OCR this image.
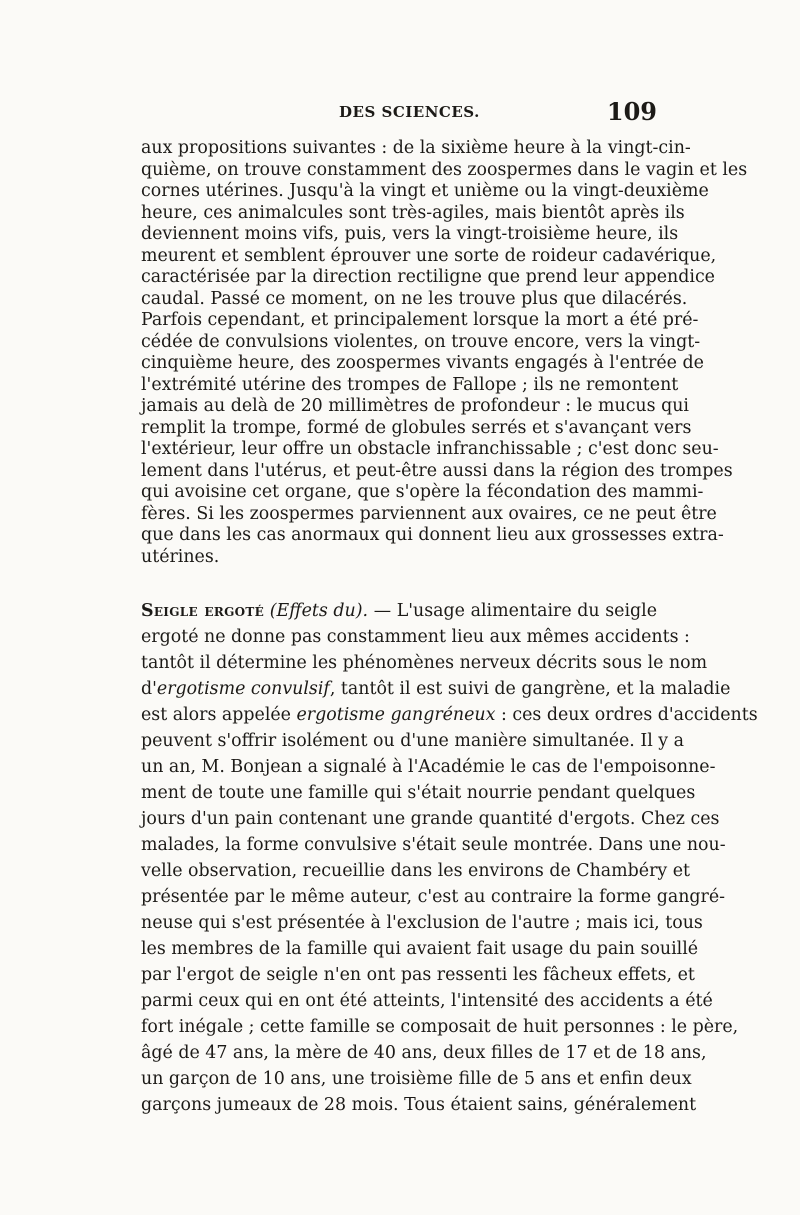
DES SCIENCES.	109
aux propositions suivantes : de la sixième heure à la vingt-cin-
quième, on trouve constamment des zoospermes dans le vagin et les
cornes utérines. Jusqu'à la vingt et unième ou la vingt-deuxième
heure, ces animalcules sont très-agiles, mais bientôt après ils
deviennent moins vifs, puis, vers la vingt-troisième heure, ils
meurent et semblent éprouver une sorte de roideur cadavérique,
caractérisée par la direction rectiligne que prend leur appendice
caudal. Passé ce moment, on ne les trouve plus que dilacérés.
Parfois cependant, et principalement lorsque la mort a été pré-
cédée de convulsions violentes, on trouve encore, vers la vingt-
cinquième heure, des zoospermes vivants engagés à l'entrée de
l'extrémité utérine des trompes de Fallope ; ils ne remontent
jamais au delà de 20 millimètres de profondeur : le mucus qui
remplit la trompe, formé de globules serrés et s'avançant vers
l'extérieur, leur offre un obstacle infranchissable ; c'est donc seu-
lement dans l'utérus, et peut-être aussi dans la région des trompes
qui avoisine cet organe, que s'opère la fécondation des mammi-
fères. Si les zoospermes parviennent aux ovaires, ce ne peut être
que dans les cas anormaux qui donnent lieu aux grossesses extra-
utérines.
Seigle ergoté (Effets du). — L'usage alimentaire du seigle
ergoté ne donne pas constamment lieu aux mêmes accidents :
tantôt il détermine les phénomènes nerveux décrits sous le nom
d'ergotisme convulsif, tantôt il est suivi de gangrène, et la maladie
est alors appelée ergotisme gangréneux : ces deux ordres d'accidents
peuvent s'offrir isolément ou d'une manière simultanée. Il y a
un an, M. Bonjean a signalé à l'Académie le cas de l'empoisonne-
ment de toute une famille qui s'était nourrie pendant quelques
jours d'un pain contenant une grande quantité d'ergots. Chez ces
malades, la forme convulsive s'était seule montrée. Dans une nou-
velle observation, recueillie dans les environs de Chambéry et
présentée par le même auteur, c'est au contraire la forme gangré-
neuse qui s'est présentée à l'exclusion de l'autre ; mais ici, tous
les membres de la famille qui avaient fait usage du pain souillé
par l'ergot de seigle n'en ont pas ressenti les fâcheux effets, et
parmi ceux qui en ont été atteints, l'intensité des accidents a été
fort inégale ; cette famille se composait de huit personnes : le père,
âgé de 47 ans, la mère de 40 ans, deux filles de 17 et de 18 ans,
un garçon de 10 ans, une troisième fille de 5 ans et enfin deux
garçons jumeaux de 28 mois. Tous étaient sains, généralement
